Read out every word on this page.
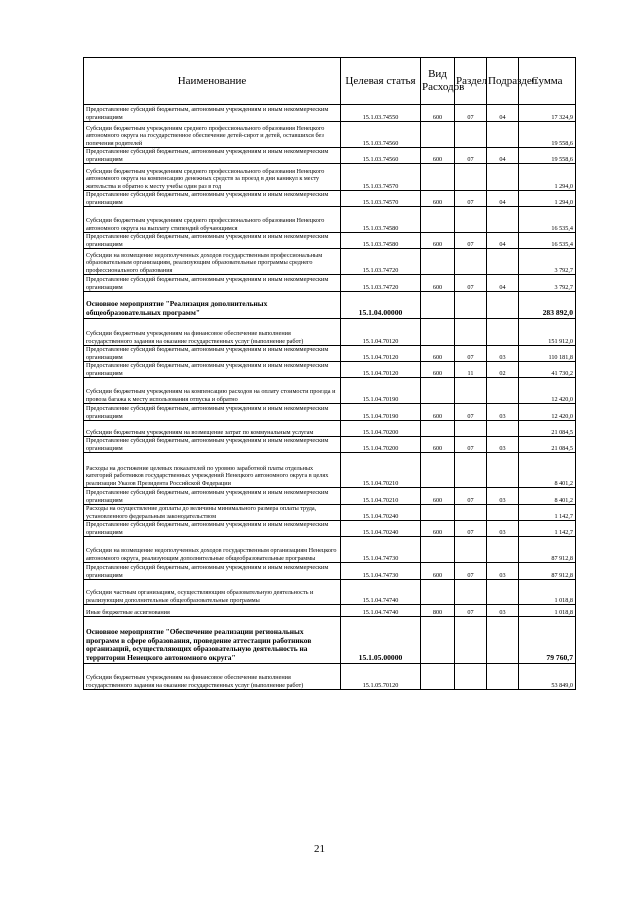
Наименование	Целевая статья	Вид Расходов	Раздел	Подраздел	Сумма
Предоставление субсидий бюджетным, автономным учреждениям и иным некоммерческим организациям	15.1.03.74550	600	07	04	17 324,9
Субсидии бюджетным учреждениям среднего профессионального образования Ненецкого автономного округа на государственное обеспечение детей-сирот и детей, оставшихся без попечения родителей	15.1.03.74560				19 558,6
Предоставление субсидий бюджетным, автономным учреждениям и иным некоммерческим организациям	15.1.03.74560	600	07	04	19 558,6
Субсидии бюджетным учреждениям среднего профессионального образования Ненецкого автономного округа на компенсацию денежных средств за проезд в дни каникул к месту жительства и обратно к месту учебы один раз в год	15.1.03.74570				1 294,0
Предоставление субсидий бюджетным, автономным учреждениям и иным некоммерческим организациям	15.1.03.74570	600	07	04	1 294,0
Субсидии бюджетным учреждениям среднего профессионального образования Ненецкого автономного округа на выплату стипендий обучающимся	15.1.03.74580				16 535,4
Предоставление субсидий бюджетным, автономным учреждениям и иным некоммерческим организациям	15.1.03.74580	600	07	04	16 535,4
Субсидии на возмещение недополученных доходов государственным профессиональным образовательным организациям, реализующим образовательные программы среднего профессионального образования	15.1.03.74720				3 792,7
Предоставление субсидий бюджетным, автономным учреждениям и иным некоммерческим организациям	15.1.03.74720	600	07	04	3 792,7
Основное мероприятие "Реализация дополнительных общеобразовательных программ"	15.1.04.00000				283 892,0
Субсидии бюджетным учреждениям на финансовое обеспечение выполнения государственного задания на оказание государственных услуг (выполнение работ)	15.1.04.70120				151 912,0
Предоставление субсидий бюджетным, автономным учреждениям и иным некоммерческим организациям	15.1.04.70120	600	07	03	110 181,8
Предоставление субсидий бюджетным, автономным учреждениям и иным некоммерческим организациям	15.1.04.70120	600	11	02	41 730,2
Субсидии бюджетным учреждениям на компенсацию расходов на оплату стоимости проезда и провоза багажа к месту использования отпуска и обратно	15.1.04.70190				12 420,0
Предоставление субсидий бюджетным, автономным учреждениям и иным некоммерческим организациям	15.1.04.70190	600	07	03	12 420,0
Субсидии бюджетным учреждениям на возмещение затрат по коммунальным услугам	15.1.04.70200				21 084,5
Предоставление субсидий бюджетным, автономным учреждениям и иным некоммерческим организациям	15.1.04.70200	600	07	03	21 084,5
Расходы на достижение целевых показателей по уровню заработной платы отдельных категорий работников государственных учреждений Ненецкого автономного округа в целях реализации Указов Президента Российской Федерации	15.1.04.70210				8 401,2
Предоставление субсидий бюджетным, автономным учреждениям и иным некоммерческим организациям	15.1.04.70210	600	07	03	8 401,2
Расходы на осуществление доплаты до величины минимального размера оплаты труда, установленного федеральным законодательством	15.1.04.70240				1 142,7
Предоставление субсидий бюджетным, автономным учреждениям и иным некоммерческим организациям	15.1.04.70240	600	07	03	1 142,7
Субсидии на возмещение недополученных доходов государственным организациям Ненецкого автономного округа, реализующим дополнительные общеобразовательные программы	15.1.04.74730				87 912,8
Предоставление субсидий бюджетным, автономным учреждениям и иным некоммерческим организациям	15.1.04.74730	600	07	03	87 912,8
Субсидии частным организациям, осуществляющим образовательную деятельность и реализующим дополнительные общеобразовательные программы	15.1.04.74740				1 018,8
Иные бюджетные ассигнования	15.1.04.74740	800	07	03	1 018,8
Основное мероприятие "Обеспечение реализации региональных программ в сфере образования, проведение аттестации работников организаций, осуществляющих образовательную деятельность на территории Ненецкого автономного округа"	15.1.05.00000				79 760,7
Субсидии бюджетным учреждениям на финансовое обеспечение выполнения государственного задания на оказание государственных услуг (выполнение работ)	15.1.05.70120				53 849,0
21
